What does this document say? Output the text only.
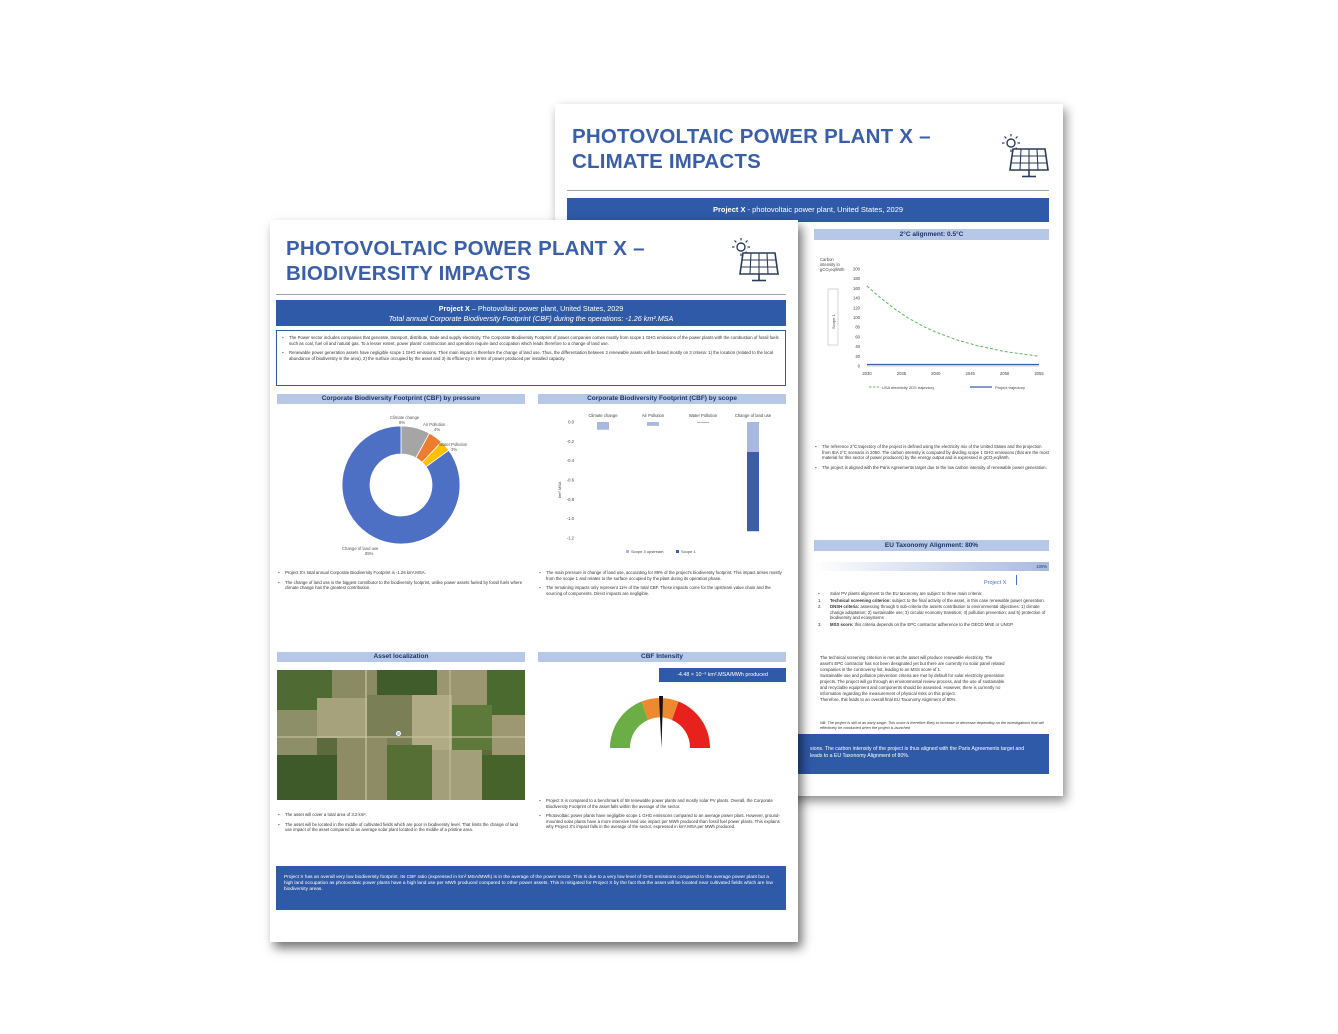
PHOTOVOLTAIC POWER PLANT X –
CLIMATE IMPACTS
Project X - photovoltaic power plant, United States, 2029
2°C alignment: 0.5°C
Carbon
intensity in
gCO₂eq/kWh
Scope 1
0
20
40
60
80
100
120
140
160
180
200
2030	2035	2040	2045	2050	2055
USA electricity 2DS trajectory	Project trajectory

▪ The reference 2°C trajectory of the project is defined using the electricity mix of the United States and the projection from IEA 2°C scenario in 2050. The carbon intensity is computed by dividing scope 1 GHG emissions (that are the most material for this sector of power producers) by the energy output and is expressed in gCO₂eq/kWh.

▪ The project is aligned with the Paris Agreements target due to the low carbon intensity of renewable power generation.

EU Taxonomy Alignment: 80%
100%
Project X

▪
Solar PV plants alignment to the EU taxonomy are subject to three main criteria:

1. Technical screening criterion: subject to the final activity of the asset, in this case renewable power generation.

2. DNSH criteria: assessing through 5 sub-criteria the assets contribution to environmental objectives: 1) climate change adaptation; 2) sustainable use; 3) circular economy transition; 4) pollution prevention; and 5) protection of biodiversity and ecosystems

3. MSS score: this criteria depends on the EPC contractor adherence to the OECD MNE or UNGP

The technical screening criterion is met as the asset will produce renewable electricity. The

asset's EPC contractor has not been designated yet but there are currently no solar panel related

companies in the controversy list, leading to an MSS score of 1.

Sustainable use and pollution prevention criteria are met by default for solar electricity generation

projects. The project will go through an environmental review process, and the use of sustainable

and recyclable equipment and components should be assessed. However, there is currently no

information regarding the measurement of physical risks on this project.

Therefore, this leads to an overall final EU Taxonomy Alignment of 80%.

NB: The project is still at an early stage. This score is therefore likely to increase or decrease depending on the investigations that will effectively be conducted when the project is launched
sions. The carbon intensity of the project is thus aligned with the Paris Agreements target and
leads to a EU Taxonomy Alignment of 80%.
PHOTOVOLTAIC POWER PLANT X –
BIODIVERSITY IMPACTS
Project X – Photovoltaic power plant, United States, 2029
Total annual Corporate Biodiversity Footprint (CBF) during the operations: -1.26 km².MSA

▪ The Power sector includes companies that generate, transport, distribute, trade and supply electricity. The Corporate Biodiversity Footprint of power companies comes mostly from scope 1 GHG emissions of the power plants with the combustion of fossil fuels such as coal, fuel oil and natural gas. To a lesser extent, power plants' construction and operation require land occupation which leads therefore to a change of land use.

▪ Renewable power generation assets have negligible scope 1 GHG emissions. Their main impact is therefore the change of land use. Thus, the differentiation between 2 renewable assets will be based mostly on 3 criteria: 1) the location (related to the local abundance of biodiversity in the area), 2) the surface occupied by the asset and 3) its efficiency in terms of power produced per installed capacity.

Corporate Biodiversity Footprint (CBF) by pressure
Climate change
8%	Air Pollution
4%
Water Pollution
3%
Change of land use
85%

▪ Project X's total annual Corporate Biodiversity Footprint is -1.26 km².MSA.

▪ The change of land use is the biggest contributor to the biodiversity footprint, unlike power assets fueled by fossil fuels where climate change has the greatest contribution.

Corporate Biodiversity Footprint (CBF) by scope
0.0
-0.2
-0.4
-0.6
-0.8
-1.0
-1.2
Climate change	Air Pollution	Water Pollution	Change of land use
km².MSA
Scope 3 upstream	Scope 1

▪ The main pressure is change of land use, accounting for 89% of the project's biodiversity footprint. This impact arises mostly from the scope 1 and relates to the surface occupied by the plant during its operation phase.

▪ The remaining impacts only represent 11% of the total CBF. These impacts come for the upstream value chain and the sourcing of components. Direct impacts are negligible.

Asset localization

▪ The asset will cover a total area of 3.2 km².

▪ The asset will be located in the middle of cultivated fields which are poor in biodiversity level. That limits the change of land use impact of the asset compared to an average solar plant located in the middle of a pristine area.

CBF Intensity
-4.48 × 10⁻³ km².MSA/MWh produced

▪ Project X is compared to a benchmark of 58 renewable power plants and mostly solar PV plants. Overall, the Corporate Biodiversity Footprint of the asset falls within the average of the sector.

▪ Photovoltaic power plants have negligible scope 1 GHG emissions compared to an average power plant. However, ground-mounted solar plants have a more intensive land use impact per MWh produced than fossil fuel power plants. This explains why Project X's impact falls in the average of the sector, expressed in km².MSA per MWh produced.

Project X has an overall very low biodiversity footprint. Its CBF ratio (expressed in km².MSA/MWh) is in the average of the power sector. This is due to a very low level of GHG emissions compared to the average power plant but a high land occupation as photovoltaic power plants have a high land use per MWh produced compared to other power assets. This is mitigated for Project X by the fact that the asset will be located near cultivated fields which are low biodiversity areas.
